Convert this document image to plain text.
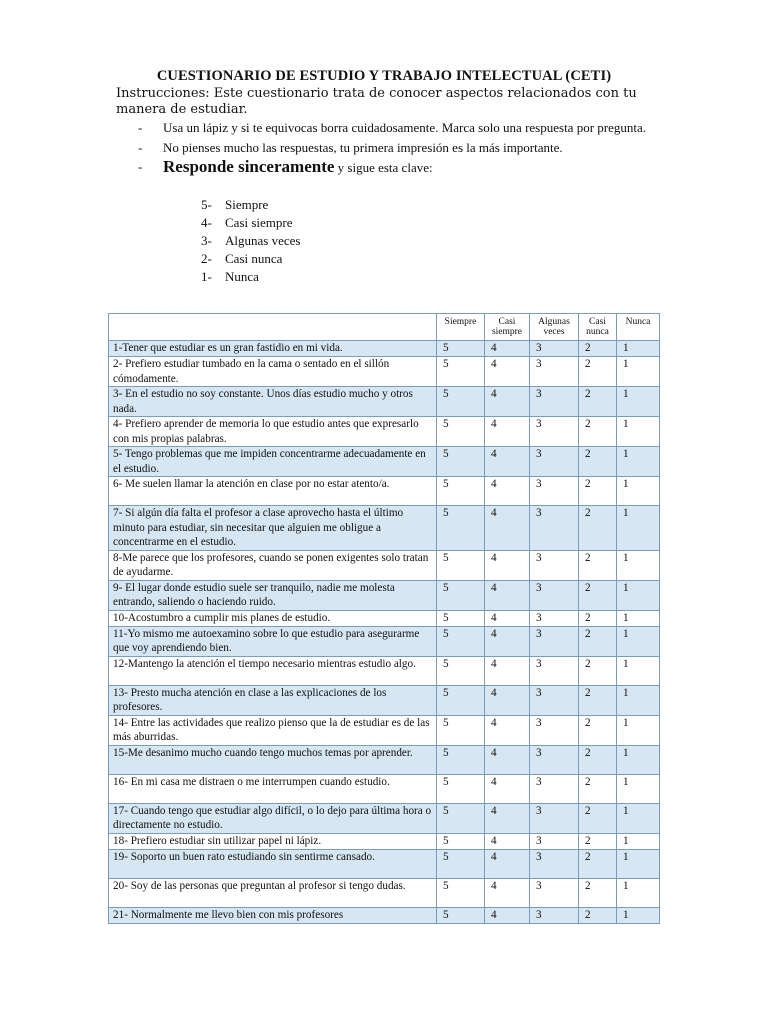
CUESTIONARIO DE ESTUDIO Y TRABAJO INTELECTUAL (CETI)
Instrucciones: Este cuestionario trata de conocer aspectos relacionados con tu manera de estudiar.
- Usa un lápiz y si te equivocas borra cuidadosamente. Marca solo una respuesta por pregunta.
- No pienses mucho las respuestas, tu primera impresión es la más importante.
- Responde sinceramente y sigue esta clave:
5- Siempre
4- Casi siempre
3- Algunas veces
2- Casi nunca
1- Nunca
	Siempre	Casi siempre	Algunas veces	Casi nunca	Nunca
1-Tener que estudiar es un gran fastidio en mi vida.	5	4	3	2	1
2- Prefiero estudiar tumbado en la cama o sentado en el sillón cómodamente.	5	4	3	2	1
3- En el estudio no soy constante. Unos días estudio mucho y otros nada.	5	4	3	2	1
4- Prefiero aprender de memoria lo que estudio antes que expresarlo con mis propias palabras.	5	4	3	2	1
5- Tengo problemas que me impiden concentrarme adecuadamente en el estudio.	5	4	3	2	1
6- Me suelen llamar la atención en clase por no estar atento/a.	5	4	3	2	1
7- Si algún día falta el profesor a clase aprovecho hasta el último minuto para estudiar, sin necesitar que alguien me obligue a concentrarme en el estudio.	5	4	3	2	1
8-Me parece que los profesores, cuando se ponen exigentes solo tratan de ayudarme.	5	4	3	2	1
9- El lugar donde estudio suele ser tranquilo, nadie me molesta entrando, saliendo o haciendo ruido.	5	4	3	2	1
10-Acostumbro a cumplir mis planes de estudio.	5	4	3	2	1
11-Yo mismo me autoexamino sobre lo que estudio para asegurarme que voy aprendiendo bien.	5	4	3	2	1
12-Mantengo la atención el tiempo necesario mientras estudio algo.	5	4	3	2	1
13- Presto mucha atención en clase a las explicaciones de los profesores.	5	4	3	2	1
14- Entre las actividades que realizo pienso que la de estudiar es de las más aburridas.	5	4	3	2	1
15-Me desanimo mucho cuando tengo muchos temas por aprender.	5	4	3	2	1
16- En mi casa me distraen o me interrumpen cuando estudio.	5	4	3	2	1
17- Cuando tengo que estudiar algo difícil, o lo dejo para última hora o directamente no estudio.	5	4	3	2	1
18- Prefiero estudiar sin utilizar papel ni lápiz.	5	4	3	2	1
19- Soporto un buen rato estudiando sin sentirme cansado.	5	4	3	2	1
20- Soy de las personas que preguntan al profesor si tengo dudas.	5	4	3	2	1
21- Normalmente me llevo bien con mis profesores	5	4	3	2	1
